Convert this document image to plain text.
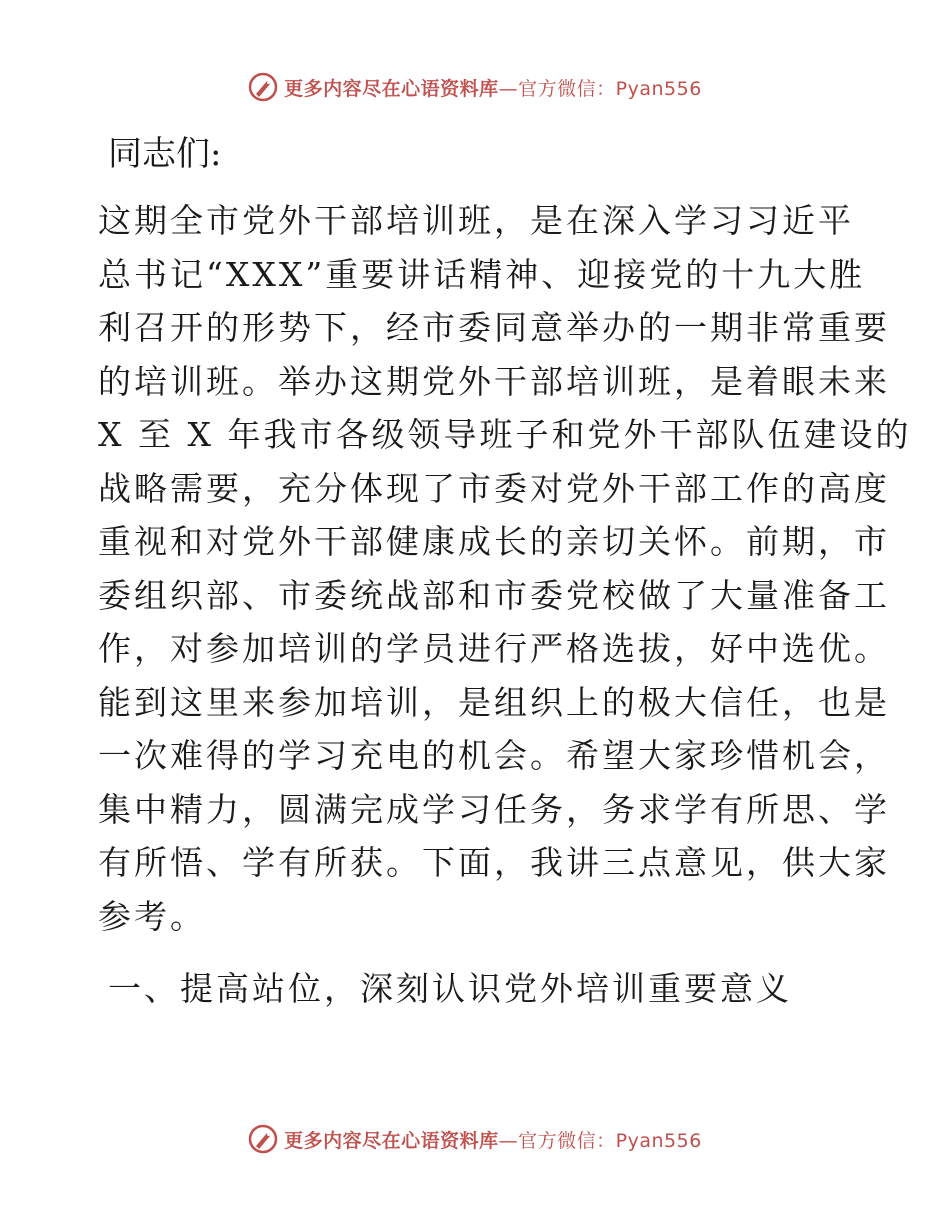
更多内容尽在心语资料库—官方微信：Pyan556
同志们:

这期全市党外干部培训班，是在深入学习习近平
总书记“XXX”重要讲话精神、迎接党的十九大胜
利召开的形势下，经市委同意举办的一期非常重要
的培训班。举办这期党外干部培训班，是着眼未来
X 至 X 年我市各级领导班子和党外干部队伍建设的
战略需要，充分体现了市委对党外干部工作的高度
重视和对党外干部健康成长的亲切关怀。前期，市
委组织部、市委统战部和市委党校做了大量准备工
作，对参加培训的学员进行严格选拔，好中选优。
能到这里来参加培训，是组织上的极大信任，也是
一次难得的学习充电的机会。希望大家珍惜机会，
集中精力，圆满完成学习任务，务求学有所思、学
有所悟、学有所获。下面，我讲三点意见，供大家
参考。

一、提高站位，深刻认识党外培训重要意义
更多内容尽在心语资料库—官方微信：Pyan556
